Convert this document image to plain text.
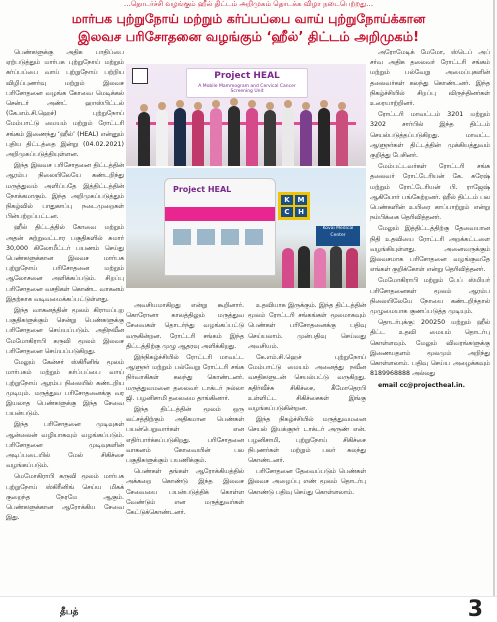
…தொடர்ச்சி வழங்கும் ஹீல் திட்டம் அறிமுகம் தொடக்க விழா நடைபெற்றது…
மார்பக புற்றுநோய் மற்றும் கர்ப்பப்பை வாய் புற்றுநோய்க்கான
இலவச பரிசோதனை வழங்கும் ‘ஹீல்’ திட்டம் அறிமுகம்!

பெண்களுக்கு அதிக பாதிப்பை ஏற்படுத்தும் மார்பக புற்றுநோய் மற்றும் கர்ப்பப்பை வாய் புற்றுநோய் பற்றிய விழிப்புணர்வு மற்றும் இலவச பரிசோதனை வழங்க கோவை மெடிக்கல் சென்டர் அண்ட் ஹாஸ்பிட்டல் (கே.எம்.சி.ஹெச்) புற்றுநோய் மேம்பாட்டு மையம் மற்றும் ரோட்டரி சங்கம் இணைந்து ‘ஹீல்’ (HEAL) என்னும் புதிய திட்டத்தை இன்று (04.02.2021) அறிமுகப்படுத்தியுள்ளன.

இந்த இலவச பரிசோதனை திட்டத்தின் ஆரம்ப நிலையிலேயே கண்டறிந்து மருத்துவம் அளிப்பதே இத்திட்டத்தின் நோக்கமாகும். இந்த அறிமுகப்படுத்தும் நிகழ்வில் பாதுகாப்பு நடைமுறைகள் பின்பற்றப்பட்டன.

ஹீல் திட்டத்தில் கோவை மற்றும் அதன் சுற்றுவட்டார பகுதிகளில் சுமார் 30,000 கிலோமீட்டர் பயணம் செய்து பெண்களுக்கான இலவச மார்பக புற்றுநோய் பரிசோதனை மற்றும் ஆலோசனை அளிக்கப்படும். சிறப்பு பரிசோதனை வசதிகள் கொண்ட வாகனம் இதற்காக வடிவமைக்கப்பட்டுள்ளது.

இந்த வாகனத்தின் மூலம் கிராமப்புற பகுதிகளுக்கும் சென்று பெண்களுக்கு பரிசோதனை செய்யப்படும். அதிநவீன மேமோகிராபி கருவி மூலம் இலவச பரிசோதனை செய்யப்படுகிறது.

மேலும் கேன்சர் ஸ்கிரீனிங் மூலம் மார்பகம் மற்றும் கர்ப்பப்பை வாய் புற்றுநோய் ஆரம்ப நிலையில் கண்டறிய முடியும். மருத்துவ பரிசோதனைக்கு வர இயலாத பெண்களுக்கு இந்த சேவை பயன்படும்.

இந்த பரிசோதனை முடிவுகள் ஆன்லைன் வழியாகவும் வழங்கப்படும். பரிசோதனை முடிவுகளின் அடிப்படையில் மேல் சிகிச்சை வழங்கப்படும்.

மெமோகிராபி கருவி மூலம் மார்பக புற்றுநோய் ஸ்கிரீனிங் செய்ய மிகக் குறைந்த நேரமே ஆகும். பெண்களுக்கான ஆரோக்கிய சேவை இது.

Project HEAL
A Mobile Mammogram and Cervical Cancer Screening Unit
Project HEAL
K	M
C	H
Kovai Medical Center

அவசியமாகிறது என்று கூறினார். கொரோனா காலத்திலும் மருத்துவ சேவைகள் தொடர்ந்து வழங்கப்பட்டு வருகின்றன. ரோட்டரி சங்கம் இந்த திட்டத்திற்கு முழு ஆதரவு அளிக்கிறது.

இந்நிகழ்ச்சியில் ரோட்டரி மாவட்ட ஆளுநர் மற்றும் பல்வேறு ரோட்டரி சங்க நிர்வாகிகள் கலந்து கொண்டனர். மருத்துவமனை தலைவர் டாக்டர் நல்லா ஜி. பழனிசாமி தலைமை தாங்கினார்.

இந்த திட்டத்தின் மூலம் ஒரு லட்சத்திற்கும் அதிகமான பெண்கள் பயன்பெறுவார்கள் என எதிர்பார்க்கப்படுகிறது. பரிசோதனை வாகனம் கோவையின் பல பகுதிகளுக்கும் பயணிக்கும்.

பெண்கள் தங்கள் ஆரோக்கியத்தில் அக்கறை கொண்டு இந்த இலவச சேவையை பயன்படுத்திக் கொள்ள வேண்டும் என மருத்துவர்கள் கேட்டுக்கொண்டனர்.

உதவியாக இருக்கும். இந்த திட்டத்தின் மூலம் ரோட்டரி சங்கங்கள் மூலமாகவும் பெண்கள் பரிசோதனைக்கு பதிவு செய்யலாம். முன்பதிவு செய்வது அவசியம்.

கே.எம்.சி.ஹெச் புற்றுநோய் மேம்பாட்டு மையம் அனைத்து நவீன வசதிகளுடன் செயல்பட்டு வருகிறது. கதிர்வீச்சு சிகிச்சை, கீமோதெரபி உள்ளிட்ட சிகிச்சைகள் இங்கு வழங்கப்படுகின்றன.

இந்த நிகழ்ச்சியில் மருத்துவமனை செயல் இயக்குநர் டாக்டர் அருண் என். பழனிசாமி, புற்றுநோய் சிகிச்சை நிபுணர்கள் மற்றும் பலர் கலந்து கொண்டனர்.

பரிசோதனை தேவைப்படும் பெண்கள் இலவச அழைப்பு எண் மூலம் தொடர்பு கொண்டு பதிவு செய்து கொள்ளலாம்.

அரோமேடிக் மேமோ, ஸ்டெப் அப் சர்வ அதிக தலைவர் ரோட்டரி சங்கம் மற்றும் பல்வேறு அமைப்புகளின் தலைவர்கள் கலந்து கொண்டனர். இந்த நிகழ்ச்சியில் சிறப்பு விருந்தினர்கள் உரையாற்றினர்.

ரோட்டரி மாவட்டம் 3201 மற்றும் 3202 சார்பில் இந்த திட்டம் செயல்படுத்தப்படுகிறது. மாவட்ட ஆளுநர்கள் திட்டத்தின் முக்கியத்துவம் குறித்து பேசினர்.

மேம்பட்டவர்கள் ரோட்டரி சங்க தலைவர் ரோட்டேரியன் கே. சுரேஷ் மற்றும் ரோட்டேரியன் பி. ராஜேஷ் ஆகியோர் பங்கேற்றனர். ஹீல் திட்டம் பல பெண்களின் உயிரை காப்பாற்றும் என்று நம்பிக்கை தெரிவித்தனர்.

மேலும் இத்திட்டத்திற்கு தேவையான நிதி உதவியை ரோட்டரி அறக்கட்டளை வழங்கியுள்ளது. அனைவருக்கும் இலவசமாக பரிசோதனை வழங்குவதே எங்கள் குறிக்கோள் என்று தெரிவித்தனர்.

மேமோகிராபி மற்றும் பேப் ஸ்மியர் பரிசோதனைகள் மூலம் ஆரம்ப நிலையிலேயே நோயை கண்டறிந்தால் முழுமையாக குணப்படுத்த முடியும்.

தொடர்புக்கு: 200250 மற்றும் ஹீல் திட்ட உதவி மையம் தொடர்பு கொள்ளவும். மேலும் விவரங்களுக்கு இணையதளம் மூலமும் அறிந்து கொள்ளலாம். பதிவு செய்ய அழைக்கவும் 8189968888 அல்லது

email cc@projectheal.in.

தீபத்	3
